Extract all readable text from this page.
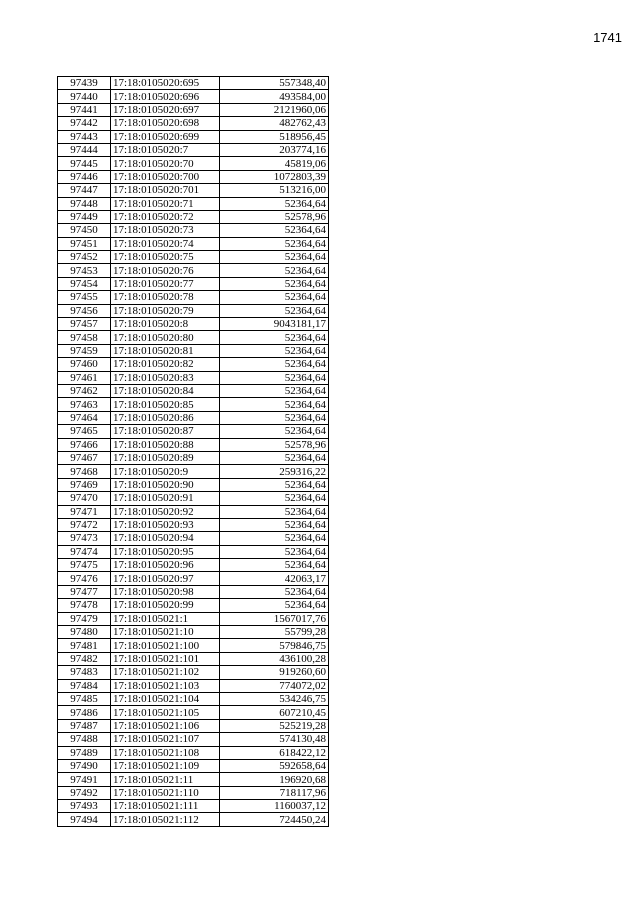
1741
97439	17:18:0105020:695	557348,40
97440	17:18:0105020:696	493584,00
97441	17:18:0105020:697	2121960,06
97442	17:18:0105020:698	482762,43
97443	17:18:0105020:699	518956,45
97444	17:18:0105020:7	203774,16
97445	17:18:0105020:70	45819,06
97446	17:18:0105020:700	1072803,39
97447	17:18:0105020:701	513216,00
97448	17:18:0105020:71	52364,64
97449	17:18:0105020:72	52578,96
97450	17:18:0105020:73	52364,64
97451	17:18:0105020:74	52364,64
97452	17:18:0105020:75	52364,64
97453	17:18:0105020:76	52364,64
97454	17:18:0105020:77	52364,64
97455	17:18:0105020:78	52364,64
97456	17:18:0105020:79	52364,64
97457	17:18:0105020:8	9043181,17
97458	17:18:0105020:80	52364,64
97459	17:18:0105020:81	52364,64
97460	17:18:0105020:82	52364,64
97461	17:18:0105020:83	52364,64
97462	17:18:0105020:84	52364,64
97463	17:18:0105020:85	52364,64
97464	17:18:0105020:86	52364,64
97465	17:18:0105020:87	52364,64
97466	17:18:0105020:88	52578,96
97467	17:18:0105020:89	52364,64
97468	17:18:0105020:9	259316,22
97469	17:18:0105020:90	52364,64
97470	17:18:0105020:91	52364,64
97471	17:18:0105020:92	52364,64
97472	17:18:0105020:93	52364,64
97473	17:18:0105020:94	52364,64
97474	17:18:0105020:95	52364,64
97475	17:18:0105020:96	52364,64
97476	17:18:0105020:97	42063,17
97477	17:18:0105020:98	52364,64
97478	17:18:0105020:99	52364,64
97479	17:18:0105021:1	1567017,76
97480	17:18:0105021:10	55799,28
97481	17:18:0105021:100	579846,75
97482	17:18:0105021:101	436100,28
97483	17:18:0105021:102	919260,60
97484	17:18:0105021:103	774072,02
97485	17:18:0105021:104	534246,75
97486	17:18:0105021:105	607210,45
97487	17:18:0105021:106	525219,28
97488	17:18:0105021:107	574130,48
97489	17:18:0105021:108	618422,12
97490	17:18:0105021:109	592658,64
97491	17:18:0105021:11	196920,68
97492	17:18:0105021:110	718117,96
97493	17:18:0105021:111	1160037,12
97494	17:18:0105021:112	724450,24
